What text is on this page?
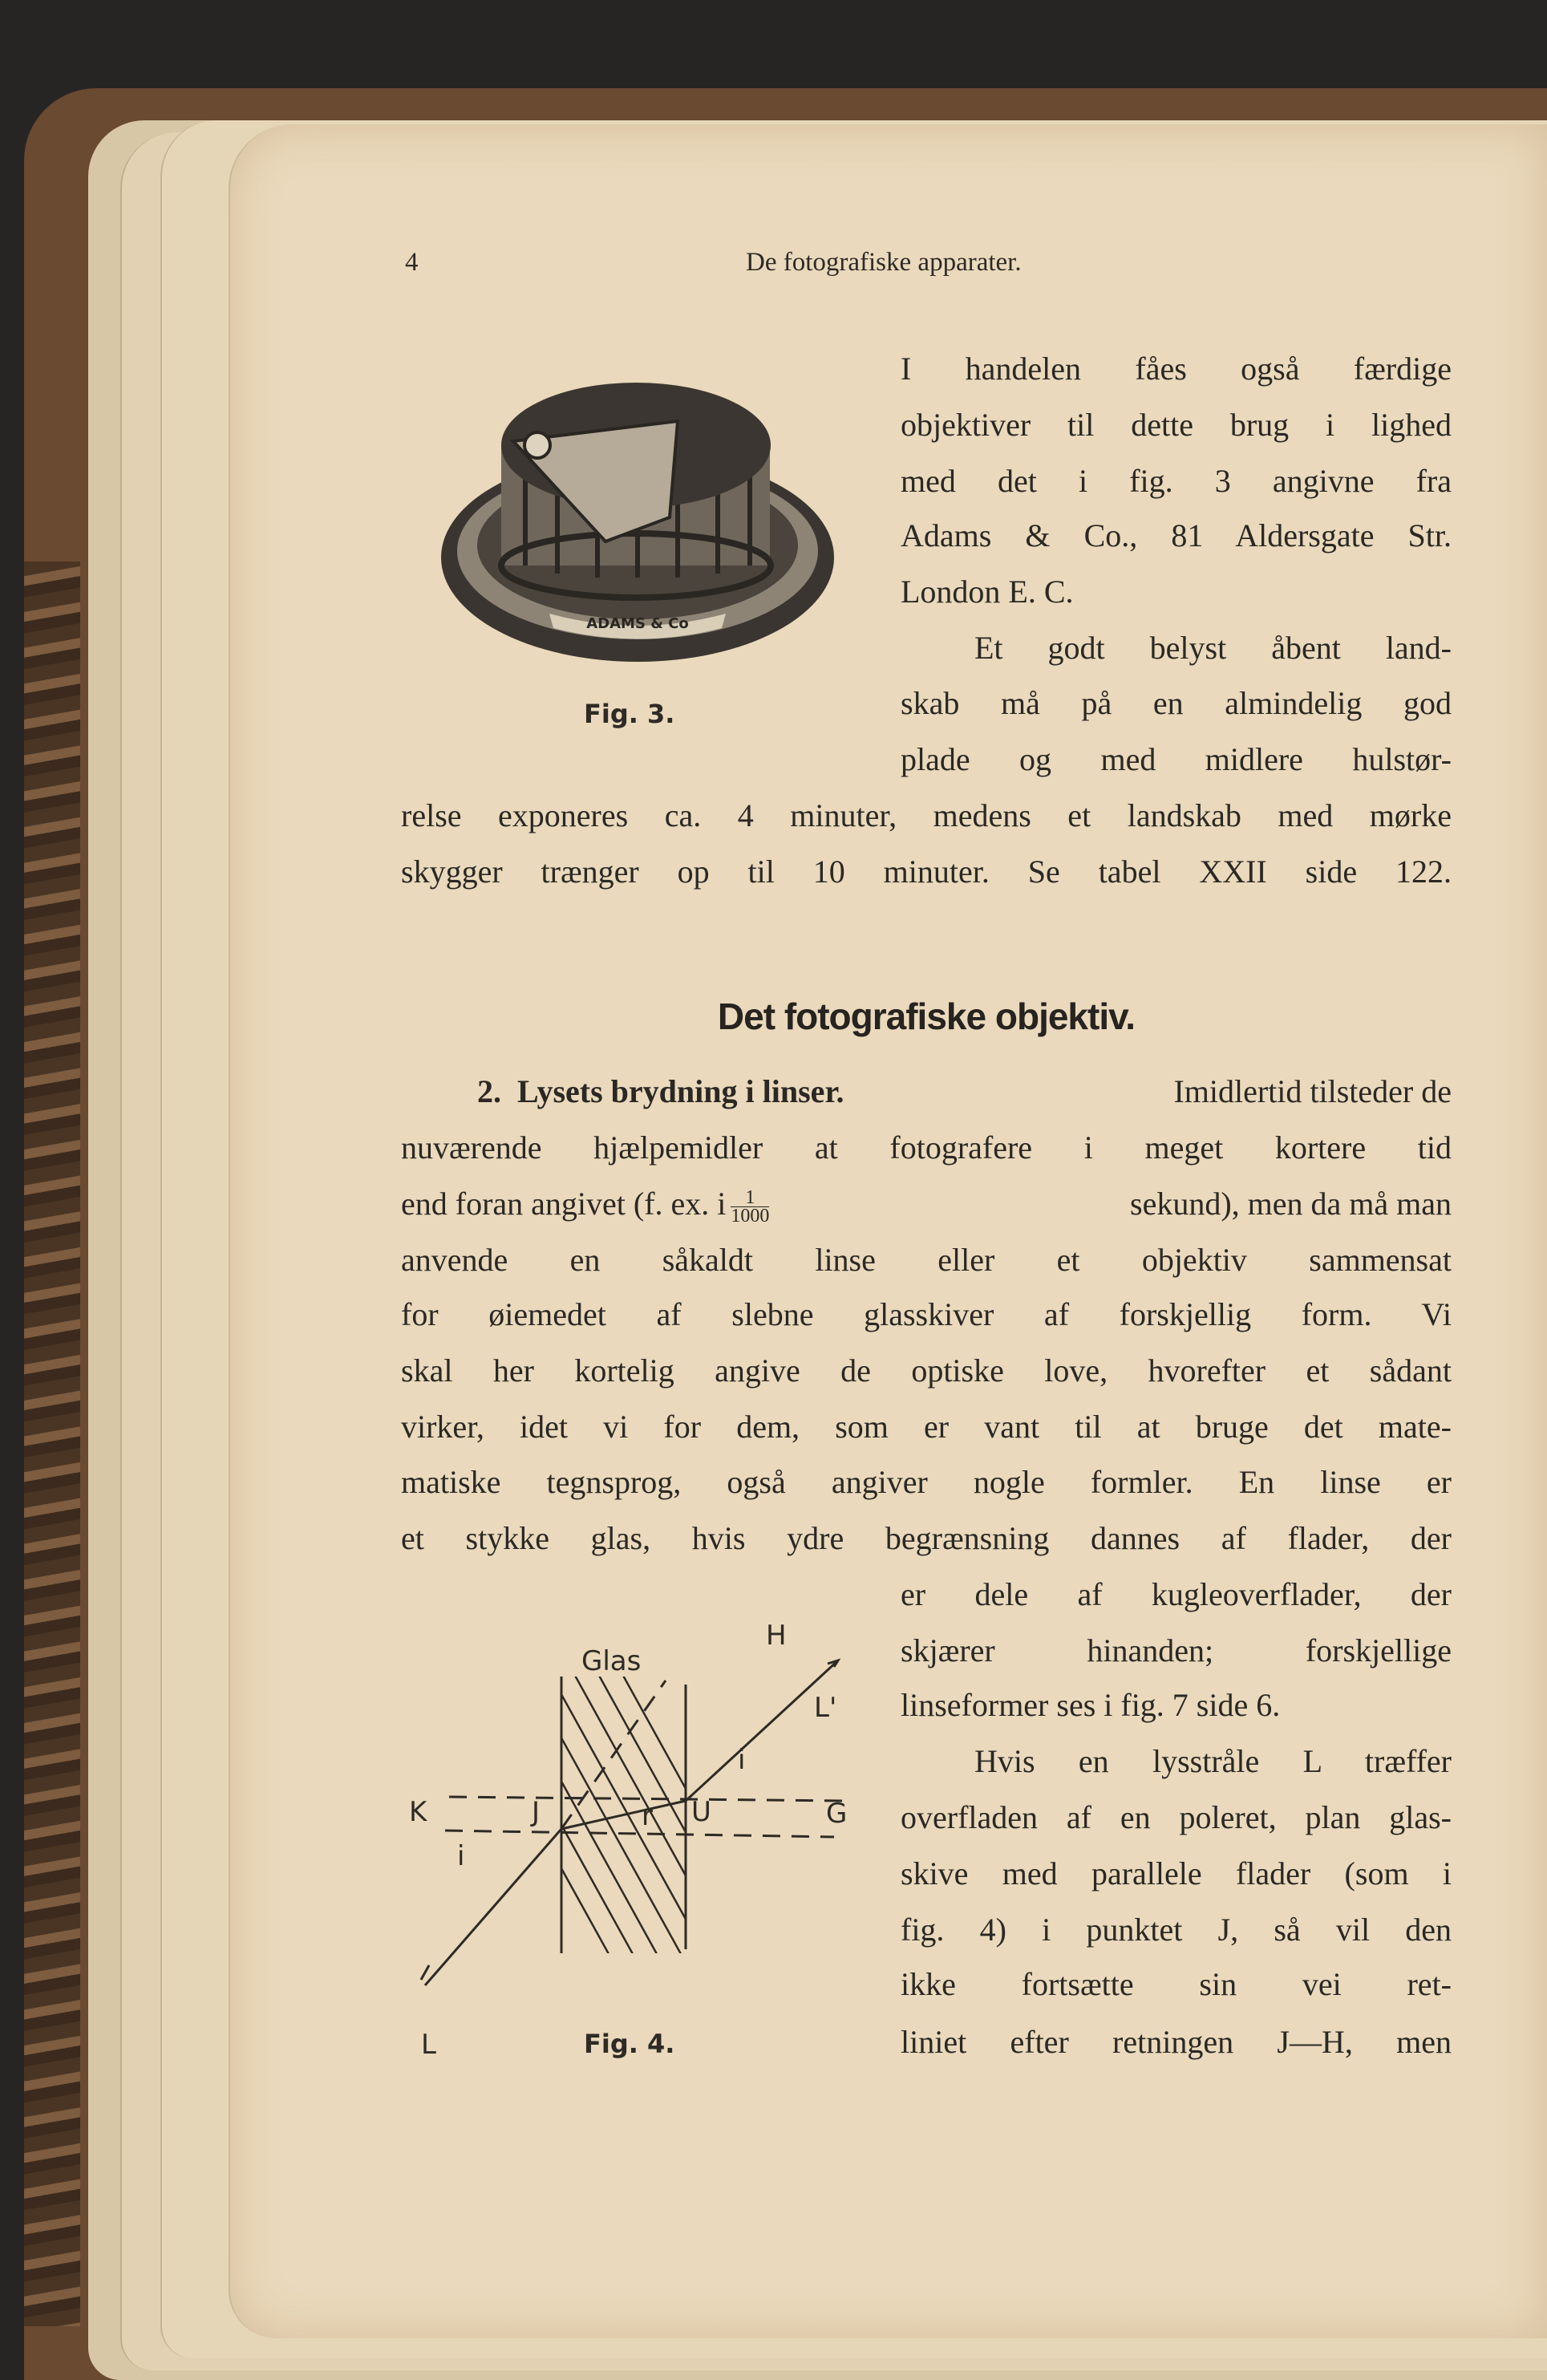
4	De fotografiske apparater.
I handelen fåes også færdige
objektiver til dette brug i lighed
med det i fig. 3 angivne fra
Adams & Co., 81 Aldersgate Str.
London E. C.
Et godt belyst åbent land-
skab må på en almindelig god
plade og med midlere hulstør-
relse exponeres ca. 4 minuter, medens et landskab med mørke
skygger trænger op til 10 minuter. Se tabel XXII side 122.
ADAMS & Co
Fig. 3.
Det fotografiske objektiv.
2. Lysets brydning i linser.	Imidlertid tilsteder de
nuværende hjælpemidler at fotografere i meget kortere tid
end foran angivet (f. ex. i $\frac{1}{1000}$	sekund), men da må man
anvende en såkaldt linse eller et objektiv sammensat
for øiemedet af slebne glasskiver af forskjellig form. Vi
skal her kortelig angive de optiske love, hvorefter et sådant
virker, idet vi for dem, som er vant til at bruge det mate-
matiske tegnsprog, også angiver nogle formler. En linse er
et stykke glas, hvis ydre begrænsning dannes af flader, der
er dele af kugleoverflader, der
skjærer hinanden; forskjellige
linseformer ses i fig. 7 side 6.
Hvis en lysstråle L træffer
overfladen af en poleret, plan glas-
skive med parallele flader (som i
fig. 4) i punktet J, så vil den
ikke fortsætte sin vei ret-
liniet efter retningen J—H, men
Glas
H
L'
i
K	J	U	G
i
r
L	Fig. 4.
